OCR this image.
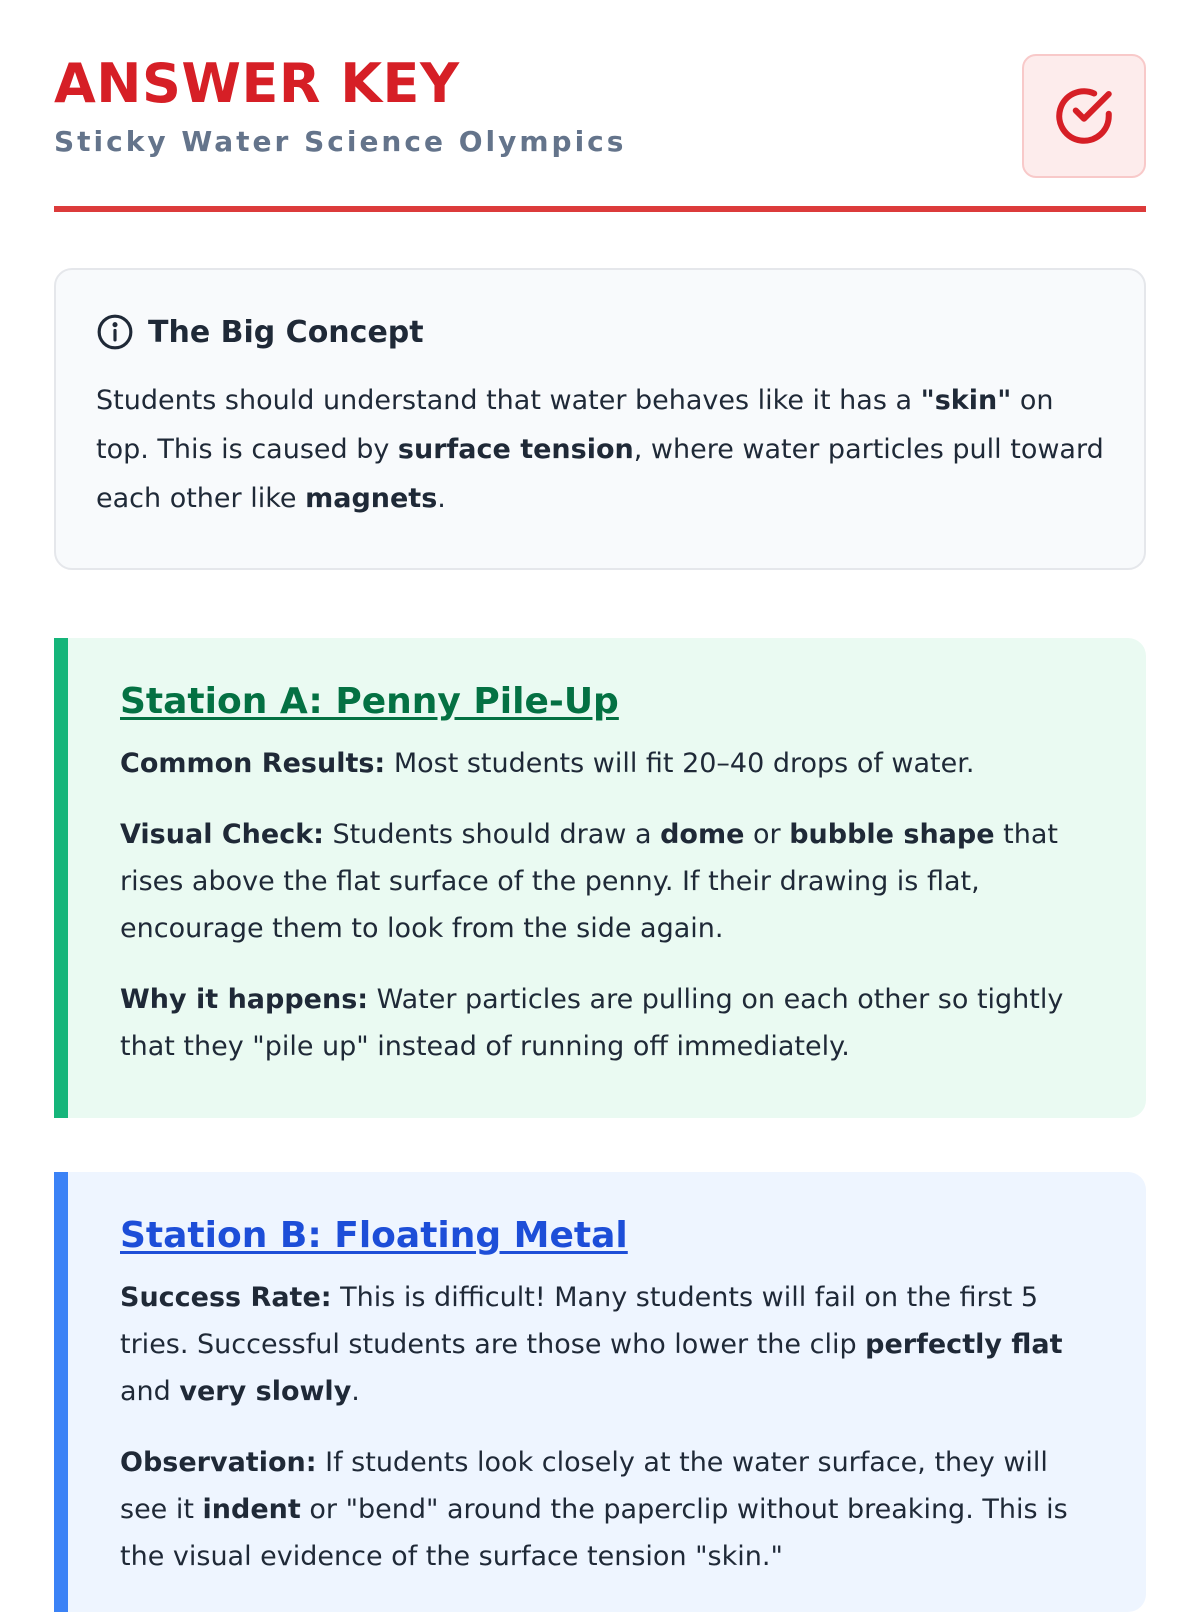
ANSWER KEY
Sticky Water Science Olympics
The Big Concept

Students should understand that water behaves like it has a "skin" on top. This is caused by surface tension, where water particles pull toward each other like magnets.

Station A: Penny Pile-Up

Common Results: Most students will fit 20–40 drops of water.

Visual Check: Students should draw a dome or bubble shape that rises above the flat surface of the penny. If their drawing is flat, encourage them to look from the side again.

Why it happens: Water particles are pulling on each other so tightly that they "pile up" instead of running off immediately.

Station B: Floating Metal

Success Rate: This is difficult! Many students will fail on the first 5 tries. Successful students are those who lower the clip perfectly flat and very slowly.

Observation: If students look closely at the water surface, they will see it indent or "bend" around the paperclip without breaking. This is the visual evidence of the surface tension "skin."
